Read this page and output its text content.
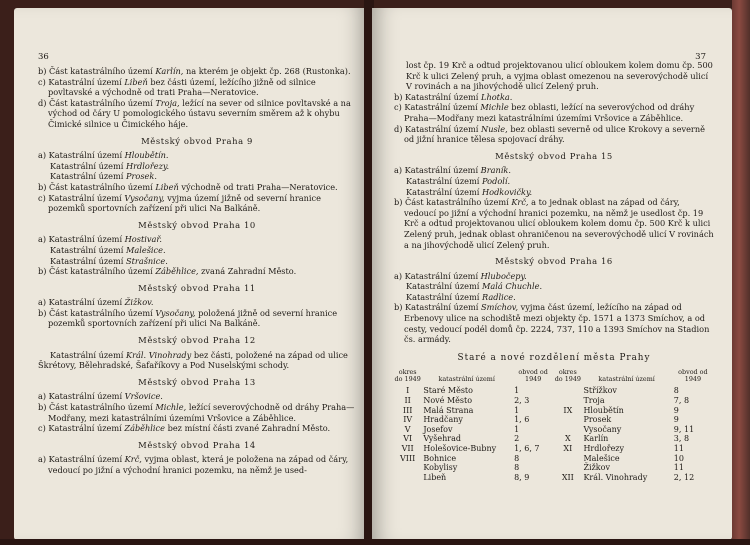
36

b) Část katastrálního území Karlín, na kterém je objekt čp. 268 (Rustonka).

c) Katastrální území Libeň bez části území, ležícího jižně od silnice povltavské a východně od trati Praha—Neratovice.

d) Část katastrálního území Troja, ležící na sever od silnice povltavské a na východ od čáry U pomologického ústavu severním směrem až k ohybu Čimické silnice u Čimického háje.

Městský obvod Praha 9

a) Katastrální území Hloubětín.

Katastrální území Hrdlořezy.

Katastrální území Prosek.

b) Část katastrálního území Libeň východně od trati Praha—Neratovice.

c) Katastrální území Vysočany, vyjma území jižně od severní hranice pozemků sportovních zařízení při ulici Na Balkáně.

Městský obvod Praha 10

a) Katastrální území Hostivař.

Katastrální území Malešice.

Katastrální území Strašnice.

b) Část katastrálního území Záběhlice, zvaná Zahradní Město.

Městský obvod Praha 11

a) Katastrální území Žižkov.

b) Část katastrálního území Vysočany, položená jižně od severní hranice pozemků sportovních zařízení při ulici Na Balkáně.

Městský obvod Praha 12

Katastrální území Král. Vinohrady bez části, položené na západ od ulice Škrétovy, Bělehradské, Šafaříkovy a Pod Nuselskými schody.

Městský obvod Praha 13

a) Katastrální území Vršovice.

b) Část katastrálního území Michle, ležící severovýchodně od dráhy Praha—Modřany, mezi katastrálními územími Vršovice a Záběhlice.

c) Katastrální území Záběhlice bez místní části zvané Zahradní Město.

Městský obvod Praha 14

a) Katastrální území Krč, vyjma oblast, která je položena na západ od čáry, vedoucí po jižní a východní hranici pozemku, na němž je used-

37

lost čp. 19 Krč a odtud projektovanou ulicí obloukem kolem domu čp. 500 Krč k ulici Zelený pruh, a vyjma oblast omezenou na severovýchodě ulicí V rovinách a na jihovýchodě ulicí Zelený pruh.

b) Katastrální území Lhotka.

c) Katastrální území Michle bez oblasti, ležící na severovýchod od dráhy Praha—Modřany mezi katastrálními územími Vršovice a Záběhlice.

d) Katastrální území Nusle, bez oblasti severně od ulice Krokovy a severně od jižní hranice tělesa spojovací dráhy.

Městský obvod Praha 15

a) Katastrální území Braník.

Katastrální území Podolí.

Katastrální území Hodkovičky.

b) Část katastrálního území Krč, a to jednak oblast na západ od čáry, vedoucí po jižní a východní hranici pozemku, na němž je usedlost čp. 19 Krč a odtud projektovanou ulicí obloukem kolem domu čp. 500 Krč k ulici Zelený pruh, jednak oblast ohraničenou na severovýchodě ulicí V rovinách a na jihovýchodě ulicí Zelený pruh.

Městský obvod Praha 16

a) Katastrální území Hlubočepy.

Katastrální území Malá Chuchle.

Katastrální území Radlice.

b) Katastrální území Smíchov, vyjma část území, ležícího na západ od Erbenovy ulice na schodiště mezi objekty čp. 1571 a 1373 Smíchov, a od cesty, vedoucí podél domů čp. 2224, 737, 110 a 1393 Smíchov na Stadion čs. armády.

Staré a nové rozdělení města Prahy
okres do 1949	katastrální území	obvod od 1949	okres do 1949	katastrální území	obvod od 1949
I	Staré Město	1		Střížkov	8
II	Nové Město	2, 3		Troja	7, 8
III	Malá Strana	1	IX	Hloubětín	9
IV	Hradčany	1, 6		Prosek	9
V	Josefov	1		Vysočany	9, 11
VI	Vyšehrad	2	X	Karlín	3, 8
VII	Holešovice-Bubny	1, 6, 7	XI	Hrdlořezy	11
VIII	Bohnice	8		Malešice	10
	Kobylisy	8		Žižkov	11
	Libeň	8, 9	XII	Král. Vinohrady	2, 12
